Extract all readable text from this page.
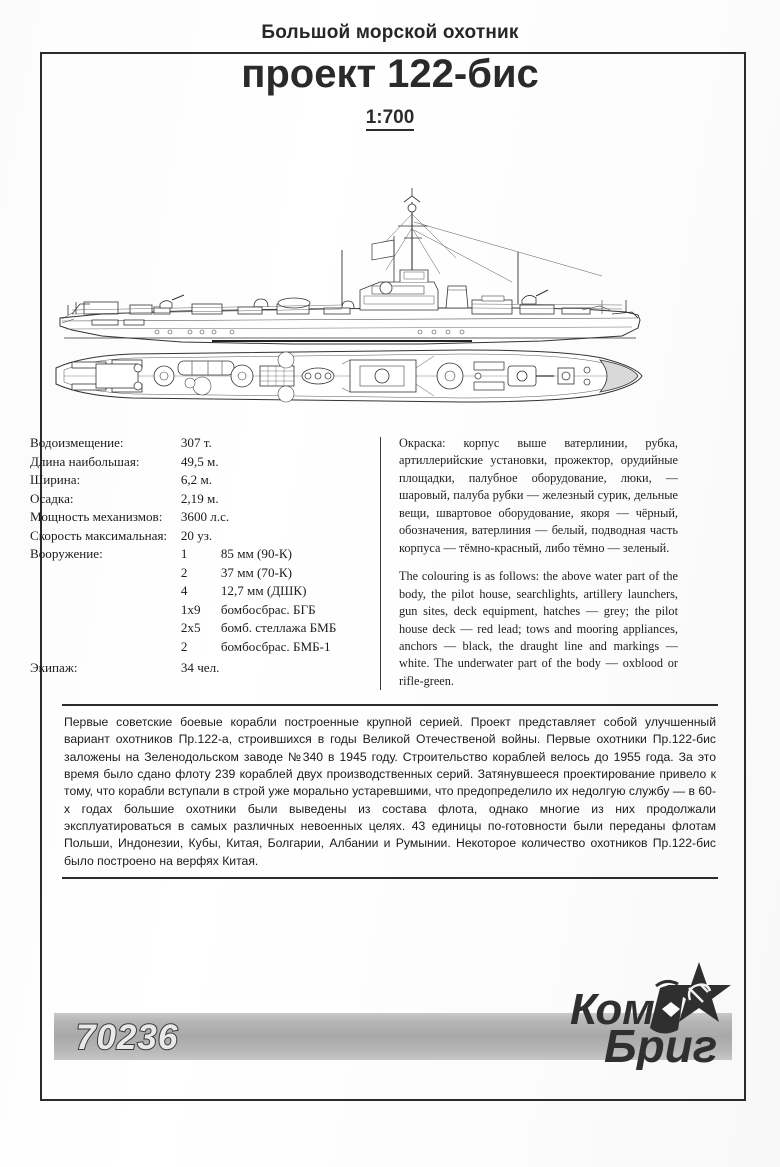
Большой морской охотник
проект 122-бис
1:700
Водоизмещение:	307 т.
Длина наибольшая:	49,5 м.
Ширина:	6,2 м.
Осадка:	2,19 м.
Мощность механизмов:	3600 л.с.
Скорость максимальная:	20 уз.
Вооружение:		1	85 мм (90-К)
2	37 мм (70-К)
4	12,7 мм (ДШК)
1x9	бомбосбрас. БГБ
2x5	бомб. стеллажа БМБ
2	бомбосбрас. БМБ-1

Экипаж:	34 чел.

Окраска: корпус выше ватерлинии, рубка, артиллерийские установки, прожектор, орудийные площадки, палубное оборудование, люки, — шаровый, палуба рубки — железный сурик, дельные вещи, швартовое оборудование, якоря — чёрный, обозначения, ватерлиния — белый, подводная часть корпуса — тёмно-красный, либо тёмно — зеленый.

The colouring is as follows: the above water part of the body, the pilot house, searchlights, artillery launchers, gun sites, deck equipment, hatches — grey; the pilot house deck — red lead; tows and mooring appliances, anchors — black, the draught line and markings — white. The underwater part of the body — oxblood or rifle-green.

Первые советские боевые корабли построенные крупной серией. Проект представляет собой улучшенный вариант охотников Пр.122-а, строившихся в годы Великой Отечественой войны. Первые охотники Пр.122-бис заложены на Зеленодольском заводе №340 в 1945 году. Строительство кораблей велось до 1955 года. За это время было сдано флоту 239 кораблей двух производственных серий. Затянувшееся проектирование привело к тому, что корабли вступали в строй уже морально устаревшими, что предопределило их недолгую службу — в 60-х годах большие охотники были выведены из состава флота, однако многие из них продолжали эксплуатироваться в самых различных невоенных целях. 43 единицы по-готовности были переданы флотам Польши, Индонезии, Кубы, Китая, Болгарии, Албании и Румынии. Некоторое количество охотников Пр.122-бис было построено на верфях Китая.

70236
Ком
Бриг
